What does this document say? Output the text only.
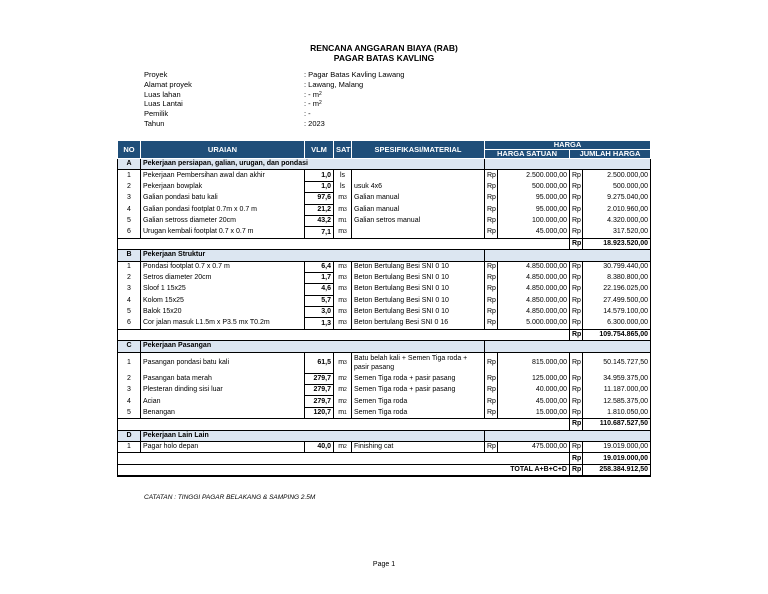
RENCANA ANGGARAN BIAYA (RAB)
PAGAR BATAS KAVLING
Proyek	: Pagar Batas Kavling Lawang
Alamat proyek	: Lawang, Malang
Luas lahan	: - m 2
Luas Lantai	: - m 2
Pemilik	: -
Tahun	: 2023
NO	URAIAN	VLM	SAT	SPESIFIKASI/MATERIAL	HARGA			
					HARGA SATUAN		JUMLAH HARGA	
A	Pekerjaan persiapan, galian, urugan, dan pondasi							
1	Pekerjaan Pembersihan awal dan akhir	1,0	ls		Rp	2.500.000,00	Rp	2.500.000,00
2	Pekerjaan bowplak	1,0	ls	usuk 4x6	Rp	500.000,00	Rp	500.000,00
3	Galian pondasi batu kali	97,6	$m^3$	Galian manual	Rp	95.000,00	Rp	9.275.040,00
4	Galian pondasi footplat 0.7m x 0.7 m	21,2	$m^3$	Galian manual	Rp	95.000,00	Rp	2.010.960,00
5	Galian setross diameter 20cm	43,2	$m^1$	Galian setros manual	Rp	100.000,00	Rp	4.320.000,00
6	Urugan kembali footplat 0.7 x 0.7 m	7,1	$m^3$		Rp	45.000,00	Rp	317.520,00
							Rp	18.923.520,00
B	Pekerjaan Struktur							
1	Pondasi footplat 0.7 x 0.7 m	6,4	$m^3$	Beton Bertulang Besi SNI 0 10	Rp	4.850.000,00	Rp	30.799.440,00
2	Setros diameter 20cm	1,7	$m^3$	Beton Bertulang Besi SNI 0 10	Rp	4.850.000,00	Rp	8.380.800,00
3	Sloof 1 15x25	4,6	$m^3$	Beton Bertulang Besi SNI 0 10	Rp	4.850.000,00	Rp	22.196.025,00
4	Kolom 15x25	5,7	$m^3$	Beton Bertulang Besi SNI 0 10	Rp	4.850.000,00	Rp	27.499.500,00
5	Balok 15x20	3,0	$m^3$	Beton Bertulang Besi SNI 0 10	Rp	4.850.000,00	Rp	14.579.100,00
6	Cor jalan masuk L1.5m x P3.5 mx T0.2m	1,3	$m^3$	Beton bertulang Besi SNI 0 16	Rp	5.000.000,00	Rp	6.300.000,00
							Rp	109.754.865,00
C	Pekerjaan Pasangan							
1	Pasangan pondasi batu kali	61,5	$m^3$	Batu belah kali + Semen Tiga roda + pasir pasang	Rp	815.000,00	Rp	50.145.727,50
2	Pasangan bata merah	279,7	$m^2$	Semen Tiga roda + pasir pasang	Rp	125.000,00	Rp	34.959.375,00
3	Plesteran dinding sisi luar	279,7	$m^2$	Semen Tiga roda + pasir pasang	Rp	40.000,00	Rp	11.187.000,00
4	Acian	279,7	$m^2$	Semen Tiga roda	Rp	45.000,00	Rp	12.585.375,00
5	Benangan	120,7	$m^1$	Semen Tiga roda	Rp	15.000,00	Rp	1.810.050,00
							Rp	110.687.527,50
D	Pekerjaan Lain Lain							
1	Pagar holo depan	40,0	$m^2$	Finishing cat	Rp	475.000,00	Rp	19.019.000,00
							Rp	19.019.000,00
TOTAL A+B+C+D							Rp	258.384.912,50
CATATAN : TINGGI PAGAR BELAKANG & SAMPING 2.5M
Page 1
